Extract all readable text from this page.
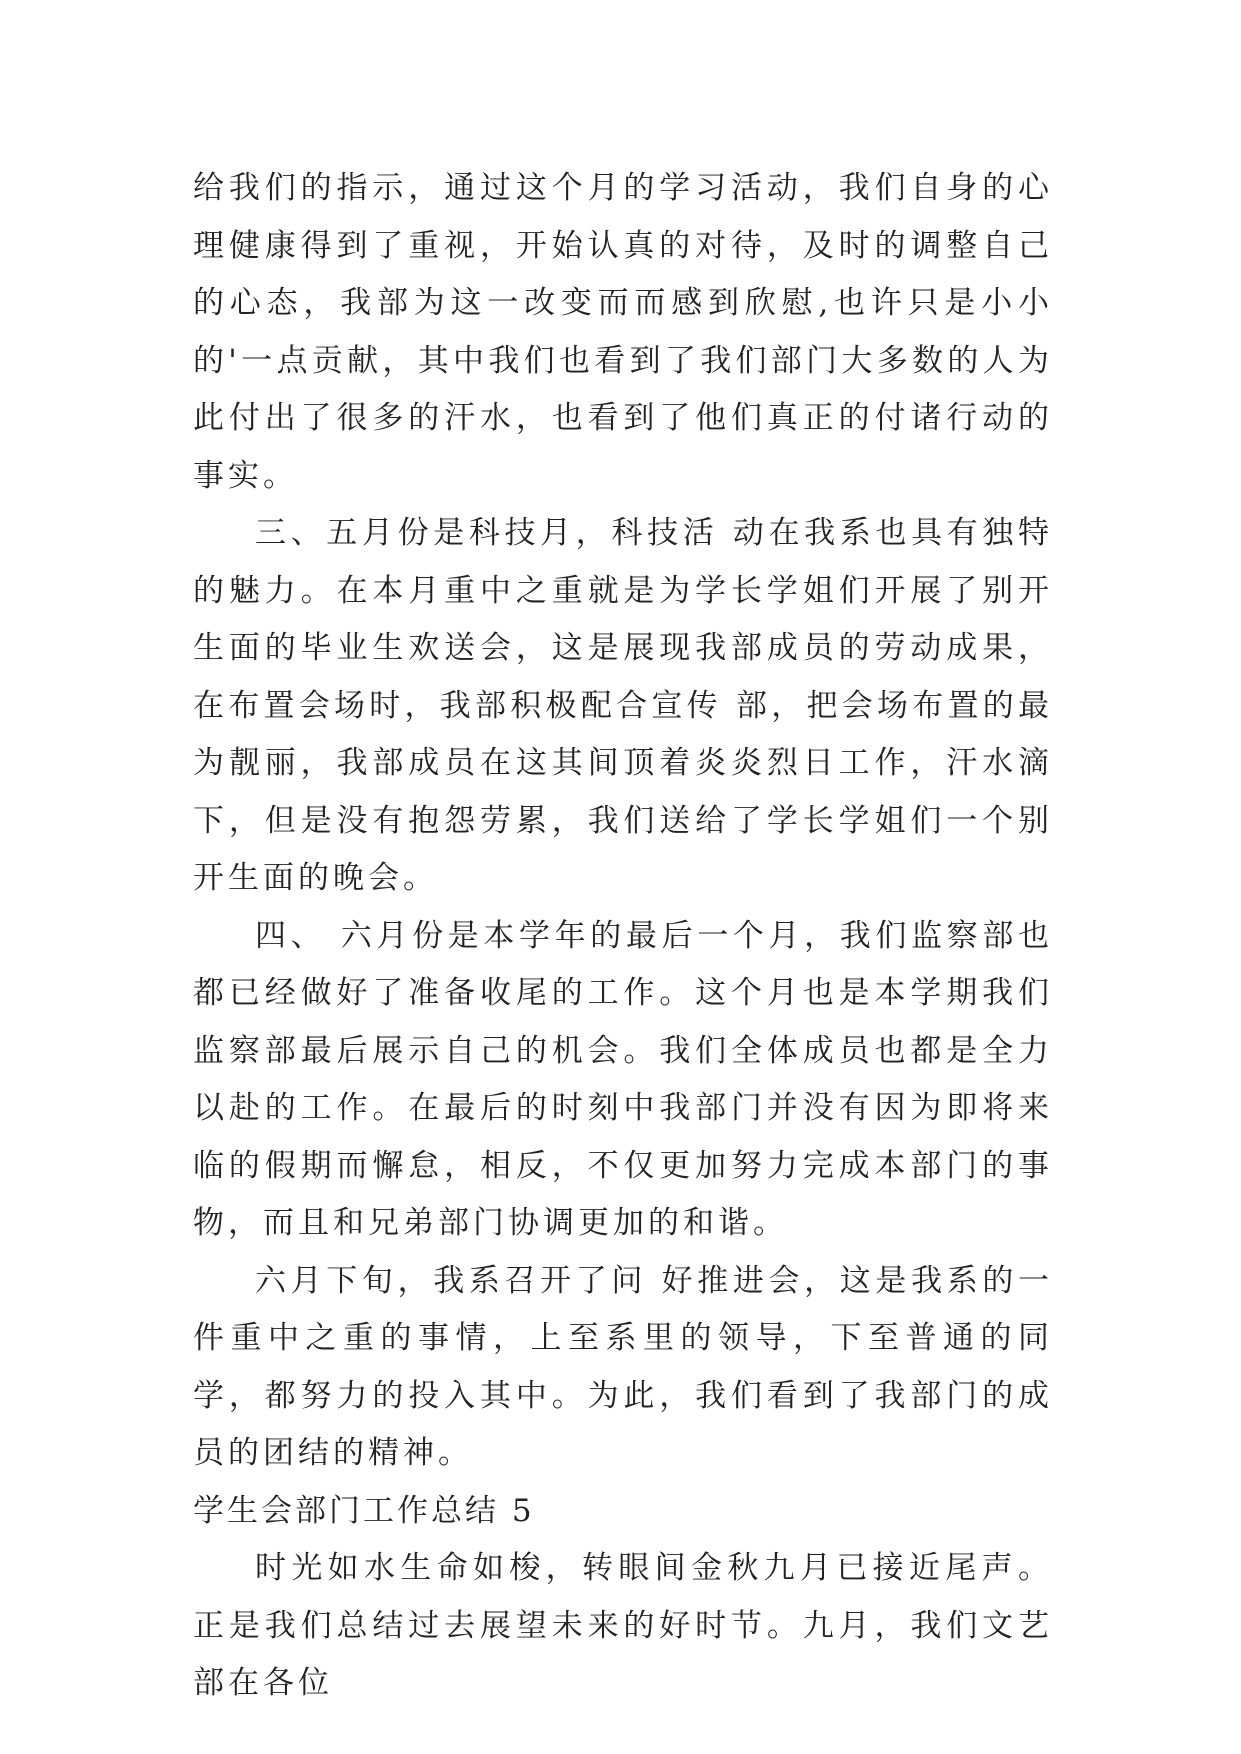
给我们的指示，通过这个月的学习活动，我们自身的心理健康得到了重视，开始认真的对待，及时的调整自己的心态，我部为这一改变而而感到欣慰,也许只是小小 的'一点贡献，其中我们也看到了我们部门大多数的人为此付出了很多的汗水，也看到了他们真正的付诸行动的事实。

三、五月份是科技月，科技活 动在我系也具有独特的魅力。在本月重中之重就是为学长学姐们开展了别开生面的毕业生欢送会，这是展现我部成员的劳动成果，在布置会场时，我部积极配合宣传 部，把会场布置的最为靓丽，我部成员在这其间顶着炎炎烈日工作，汗水滴下，但是没有抱怨劳累，我们送给了学长学姐们一个别开生面的晚会。

四、 六月份是本学年的最后一个月，我们监察部也都已经做好了准备收尾的工作。这个月也是本学期我们监察部最后展示自己的机会。我们全体成员也都是全力以赴的工作。在最后的时刻中我部门并没有因为即将来临的假期而懈怠，相反，不仅更加努力完成本部门的事物，而且和兄弟部门协调更加的和谐。

六月下旬，我系召开了问 好推进会，这是我系的一件重中之重的事情，上至系里的领导，下至普通的同学，都努力的投入其中。为此，我们看到了我部门的成员的团结的精神。

学生会部门工作总结 5

时光如水生命如梭，转眼间金秋九月已接近尾声。正是我们总结过去展望未来的好时节。九月，我们文艺部在各位
